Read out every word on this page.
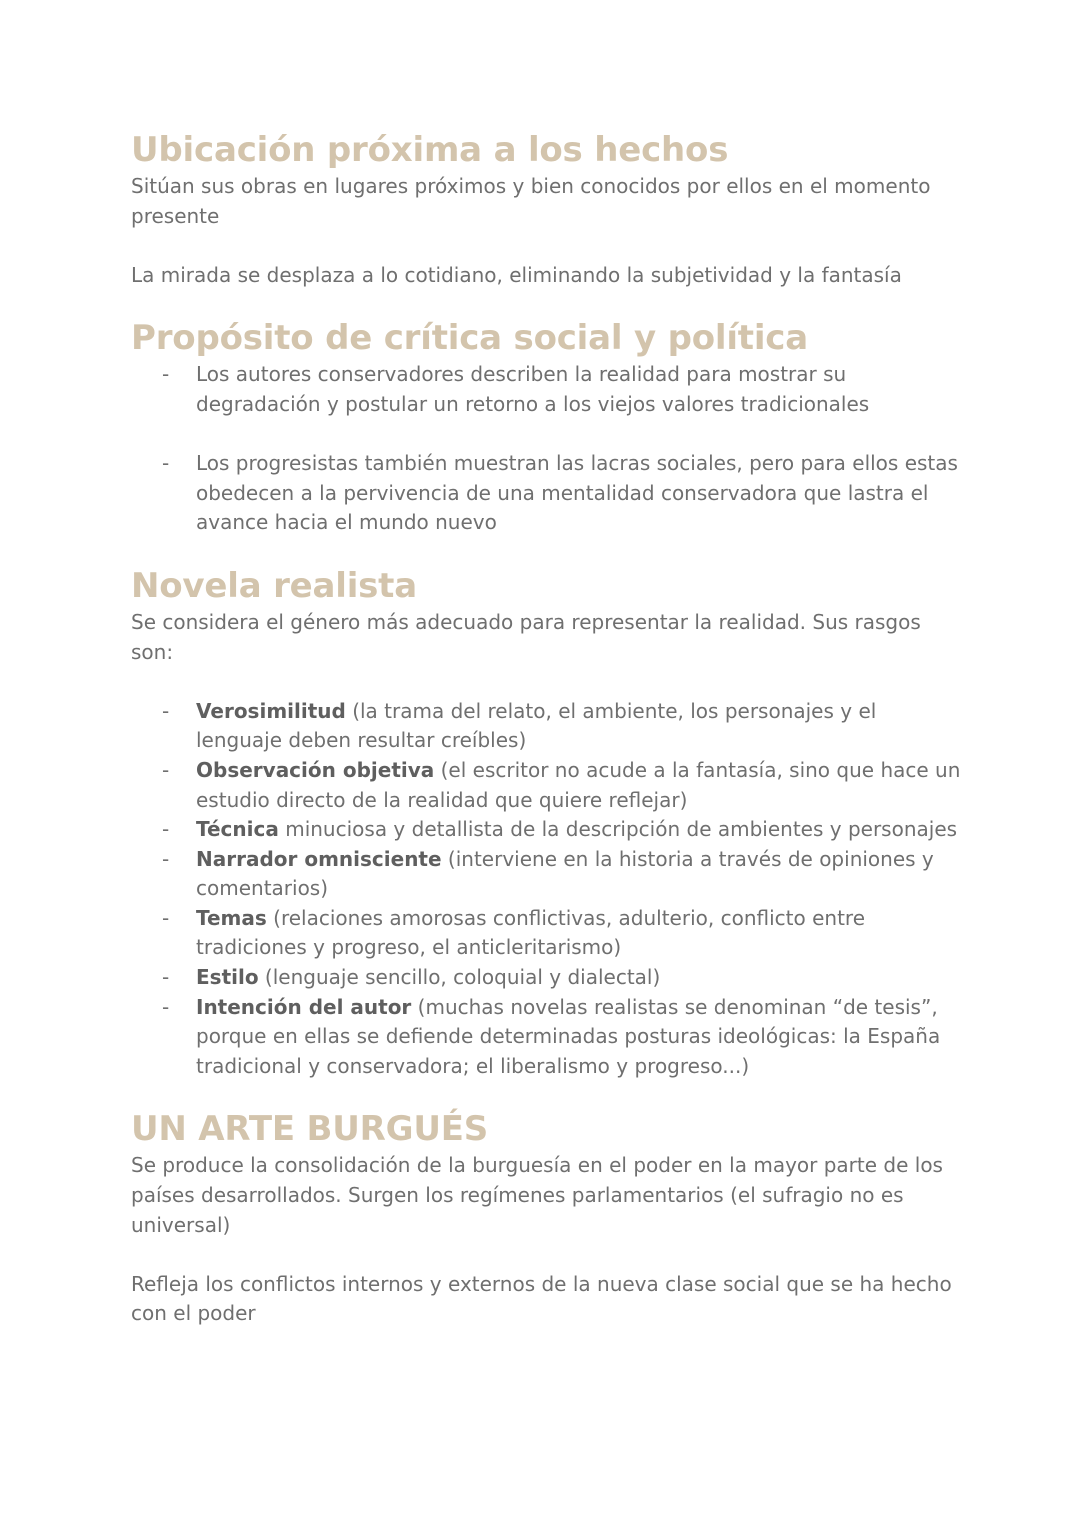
Ubicación próxima a los hechos

Sitúan sus obras en lugares próximos y bien conocidos por ellos en el momento presente

La mirada se desplaza a lo cotidiano, eliminando la subjetividad y la fantasía

Propósito de crítica social y política
- Los autores conservadores describen la realidad para mostrar su degradación y postular un retorno a los viejos valores tradicionales
- Los progresistas también muestran las lacras sociales, pero para ellos estas obedecen a la pervivencia de una mentalidad conservadora que lastra el avance hacia el mundo nuevo
Novela realista

Se considera el género más adecuado para representar la realidad. Sus rasgos son:

- Verosimilitud (la trama del relato, el ambiente, los personajes y el lenguaje deben resultar creíbles)
- Observación objetiva (el escritor no acude a la fantasía, sino que hace un estudio directo de la realidad que quiere reflejar)
- Técnica minuciosa y detallista de la descripción de ambientes y personajes
- Narrador omnisciente (interviene en la historia a través de opiniones y comentarios)
- Temas (relaciones amorosas conflictivas, adulterio, conflicto entre tradiciones y progreso, el anticleritarismo)
- Estilo (lenguaje sencillo, coloquial y dialectal)
- Intención del autor (muchas novelas realistas se denominan “de tesis”, porque en ellas se defiende determinadas posturas ideológicas: la España tradicional y conservadora; el liberalismo y progreso...)
UN ARTE BURGUÉS

Se produce la consolidación de la burguesía en el poder en la mayor parte de los países desarrollados. Surgen los regímenes parlamentarios (el sufragio no es universal)

Refleja los conflictos internos y externos de la nueva clase social que se ha hecho con el poder
